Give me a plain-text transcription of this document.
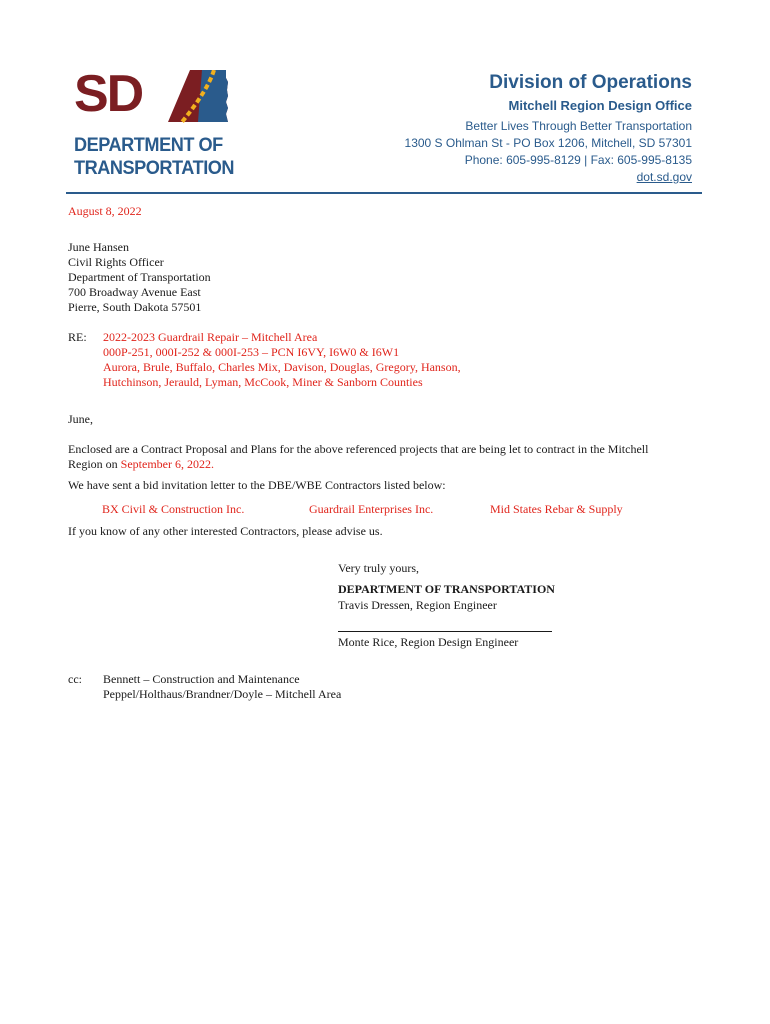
SD
DEPARTMENT OF
TRANSPORTATION
Division of Operations
Mitchell Region Design Office
Better Lives Through Better Transportation
1300 S Ohlman St - PO Box 1206, Mitchell, SD 57301
Phone: 605-995-8129 | Fax: 605-995-8135
dot.sd.gov
August 8, 2022
June Hansen
Civil Rights Officer
Department of Transportation
700 Broadway Avenue East
Pierre, South Dakota 57501
RE: 2022-2023 Guardrail Repair – Mitchell Area
000P-251, 000I-252 & 000I-253 – PCN I6VY, I6W0 & I6W1
Aurora, Brule, Buffalo, Charles Mix, Davison, Douglas, Gregory, Hanson,
Hutchinson, Jerauld, Lyman, McCook, Miner & Sanborn Counties
June,
Enclosed are a Contract Proposal and Plans for the above referenced projects that are being let to contract in the Mitchell
Region on September 6, 2022.
We have sent a bid invitation letter to the DBE/WBE Contractors listed below:
BX Civil & Construction Inc.	Guardrail Enterprises Inc.	Mid States Rebar & Supply
If you know of any other interested Contractors, please advise us.
Very truly yours,
DEPARTMENT OF TRANSPORTATION
Travis Dressen, Region Engineer
Monte Rice, Region Design Engineer
cc: Bennett – Construction and Maintenance
Peppel/Holthaus/Brandner/Doyle – Mitchell Area
